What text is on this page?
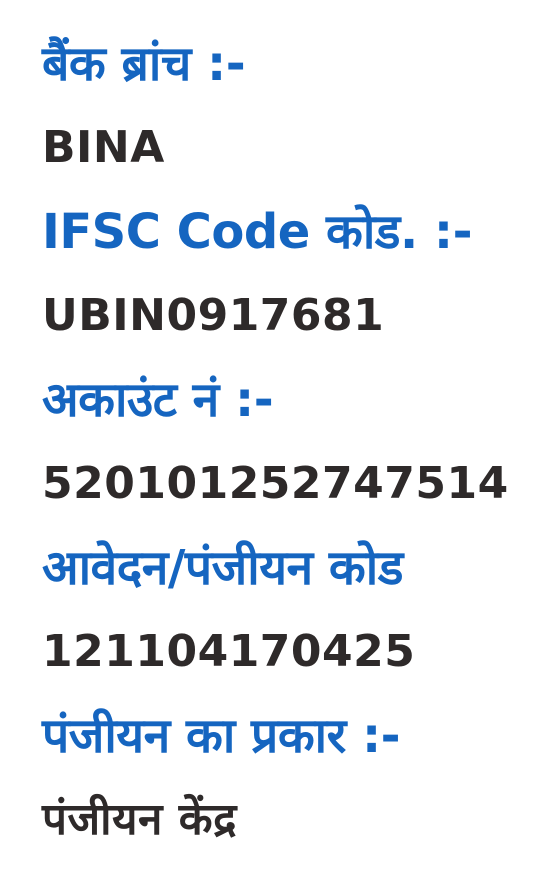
बैंक ब्रांच :-
BINA
IFSC Code कोड. :-
UBIN0917681
अकाउंट नं :-
520101252747514
आवेदन/पंजीयन कोड
121104170425
पंजीयन का प्रकार :-
पंजीयन केंद्र
